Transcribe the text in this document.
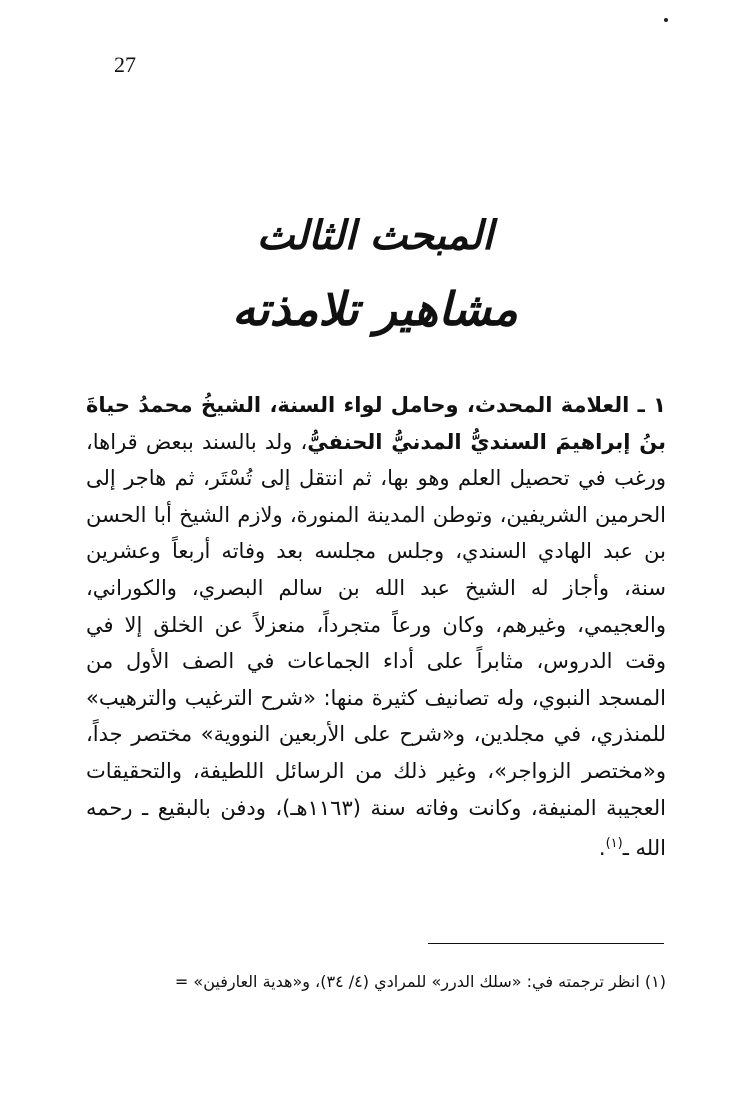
27
المبحث الثالث
مشاهير تلامذته
١ ـ العلامة المحدث، وحامل لواء السنة، الشيخُ محمدُ حياةَ بنُ إبراهيمَ السنديُّ المدنيُّ الحنفيُّ، ولد بالسند ببعض قراها، ورغب في تحصيل العلم وهو بها، ثم انتقل إلى تُسْتَر، ثم هاجر إلى الحرمين الشريفين، وتوطن المدينة المنورة، ولازم الشيخ أبا الحسن بن عبد الهادي السندي، وجلس مجلسه بعد وفاته أربعاً وعشرين سنة، وأجاز له الشيخ عبد الله بن سالم البصري، والكوراني، والعجيمي، وغيرهم، وكان ورعاً متجرداً، منعزلاً عن الخلق إلا في وقت الدروس، مثابراً على أداء الجماعات في الصف الأول من المسجد النبوي، وله تصانيف كثيرة منها: «شرح الترغيب والترهيب» للمنذري، في مجلدين، و«شرح على الأربعين النووية» مختصر جداً، و«مختصر الزواجر»، وغير ذلك من الرسائل اللطيفة، والتحقيقات العجيبة المنيفة، وكانت وفاته سنة (١١٦٣هـ)، ودفن بالبقيع ـ رحمه الله ـ$^{(١)}$.
(١) انظر ترجمته في: «سلك الدرر» للمرادي (٤/ ٣٤)، و«هدية العارفين» =
